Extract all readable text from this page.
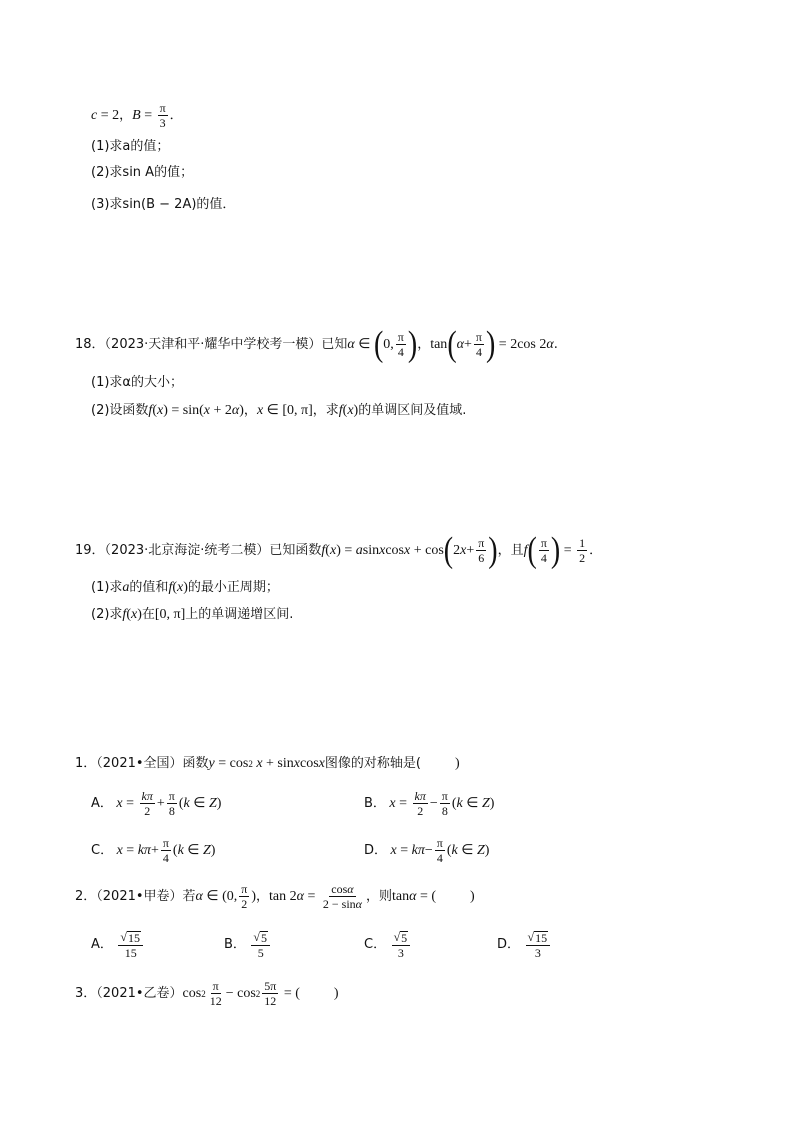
c = 2 ， $B = \frac{\pi}{3}$ ．
(1)求a的值；
(2)求sin A的值；
(3)求sin(B − 2A)的值．
18．（2023·天津和平·耀华中学校考一模）已知 α ∈ ( 0, $\frac{\pi}{4}$ ) ， tan ( $\alpha + \frac{\pi}{4}$ ) = 2cos 2 α .
(1)求α的大小；
(2)设函数 f ( x ) = sin( x + 2 α ) ， x ∈ [0, π] ，求 f ( x ) 的单调区间及值域.
19．（2023·北京海淀·统考二模）已知函数 f ( x ) = a sin x cos x + cos ( 2 $x + \frac{\pi}{6}$ ) ，且 f ( $\frac{\pi}{4}$ ) = $\frac{1}{2}$ ．
(1)求 a 的值和 f ( x ) 的最小正周期；
(2)求 f ( x ) 在 [0, π] 上的单调递增区间.
1．（2021•全国）函数 y = cos 2 x + sin x cos x 图像的对称轴是( )
A．
$x = \frac{k\pi}{2} + \frac{\pi}{8}$ ( k ∈ Z )	B．
$x = \frac{k\pi}{2} - \frac{\pi}{8}$ ( k ∈ Z )
C．
$x = k\pi + \frac{\pi}{4}$ ( k ∈ Z )	D．
$x = k\pi - \frac{\pi}{4}$ ( k ∈ Z )
2．（2021•甲卷）若 α ∈ (0, $\frac{\pi}{2}$ ) ， tan 2 $\alpha = \frac{\cos\alpha}{2 - \sin\alpha}$ ，则 tan α = ( )
A．
$\frac{√ 15}{15}$	B．
$\frac{√ 5}{5}$	C．
$\frac{√ 5}{3}$	D．
$\frac{√ 15}{3}$
3．（2021•乙卷） $\cos 2 \frac{\pi}{12} - \cos 2 \frac{5\pi}{12}$ = ( )
